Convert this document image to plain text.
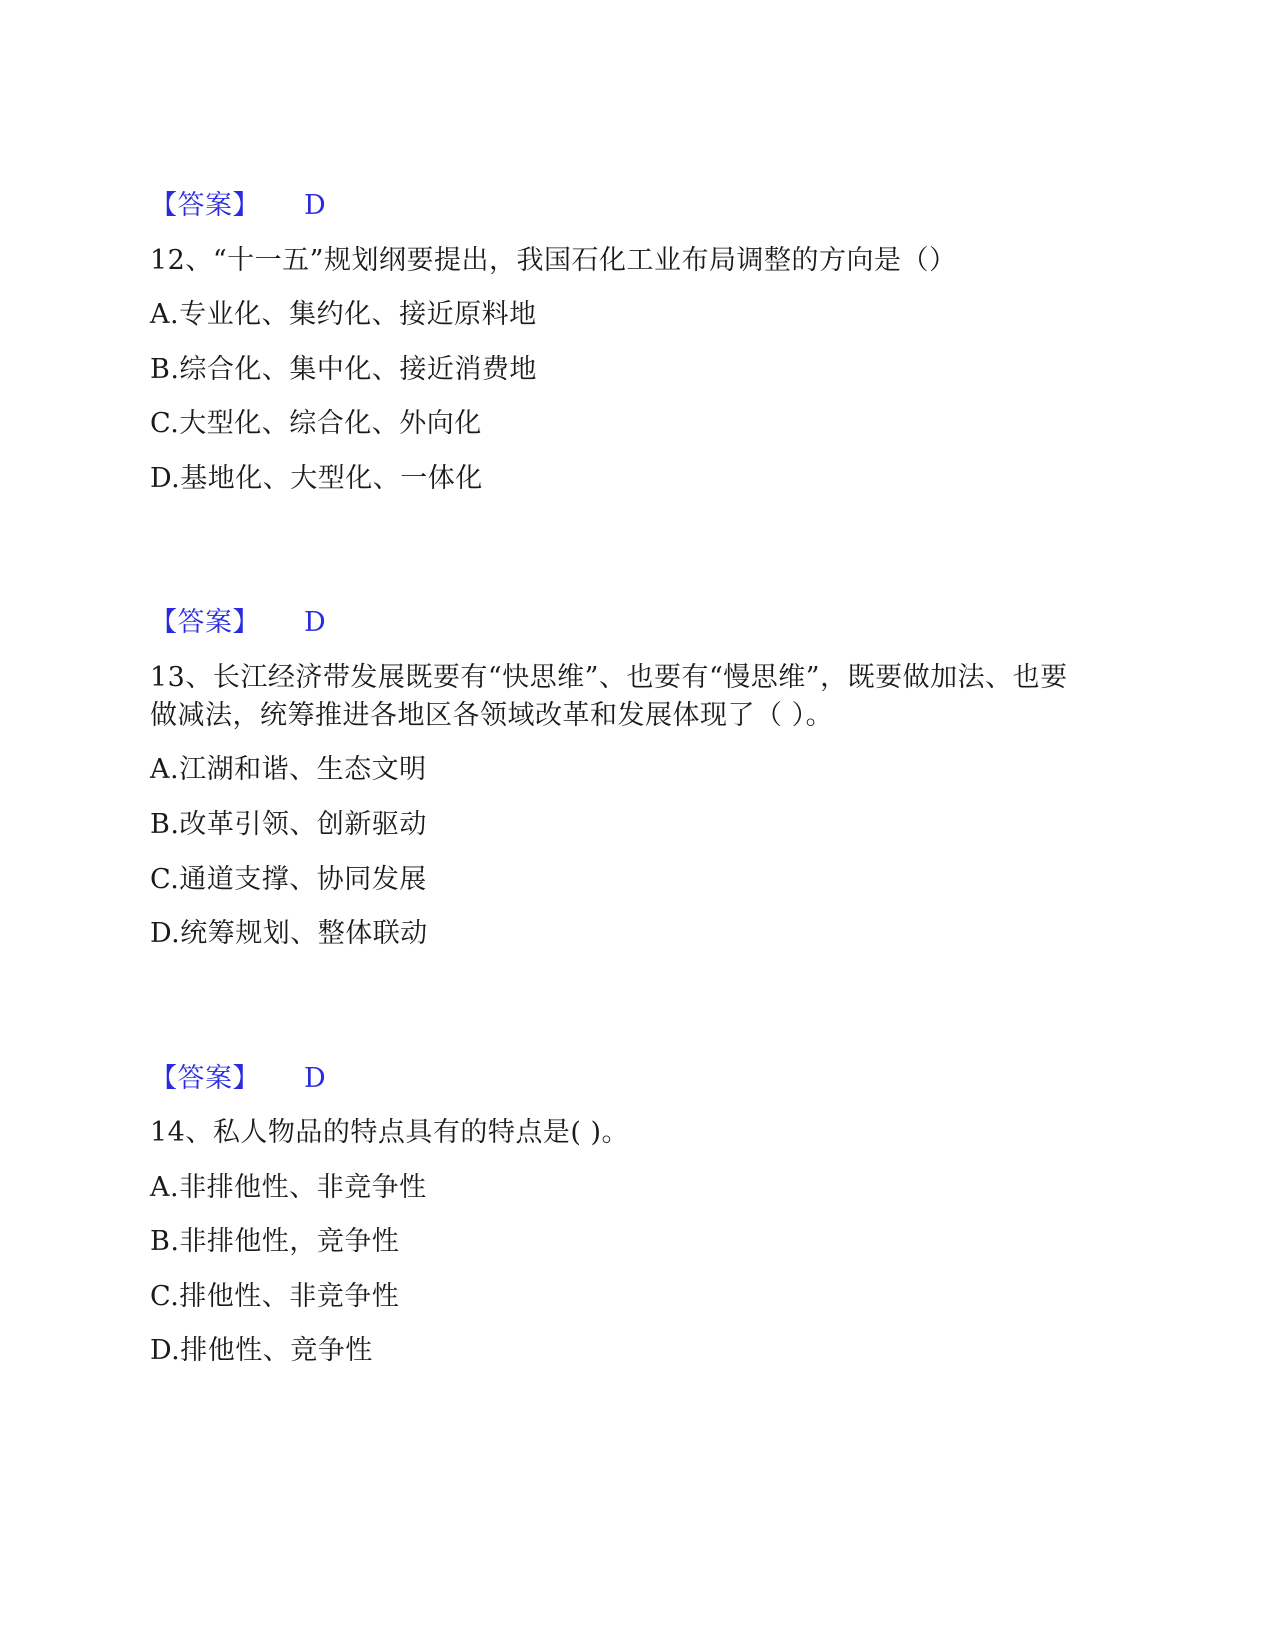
【答案】 D
12、“十一五”规划纲要提出，我国石化工业布局调整的方向是（）
A.专业化、集约化、接近原料地
B.综合化、集中化、接近消费地
C.大型化、综合化、外向化
D.基地化、大型化、一体化
【答案】 D
13、长江经济带发展既要有“快思维”、也要有“慢思维”，既要做加法、也要
做减法，统筹推进各地区各领域改革和发展体现了（ ）。
A.江湖和谐、生态文明
B.改革引领、创新驱动
C.通道支撑、协同发展
D.统筹规划、整体联动
【答案】 D
14、私人物品的特点具有的特点是( )。
A.非排他性、非竞争性
B.非排他性，竞争性
C.排他性、非竞争性
D.排他性、竞争性
